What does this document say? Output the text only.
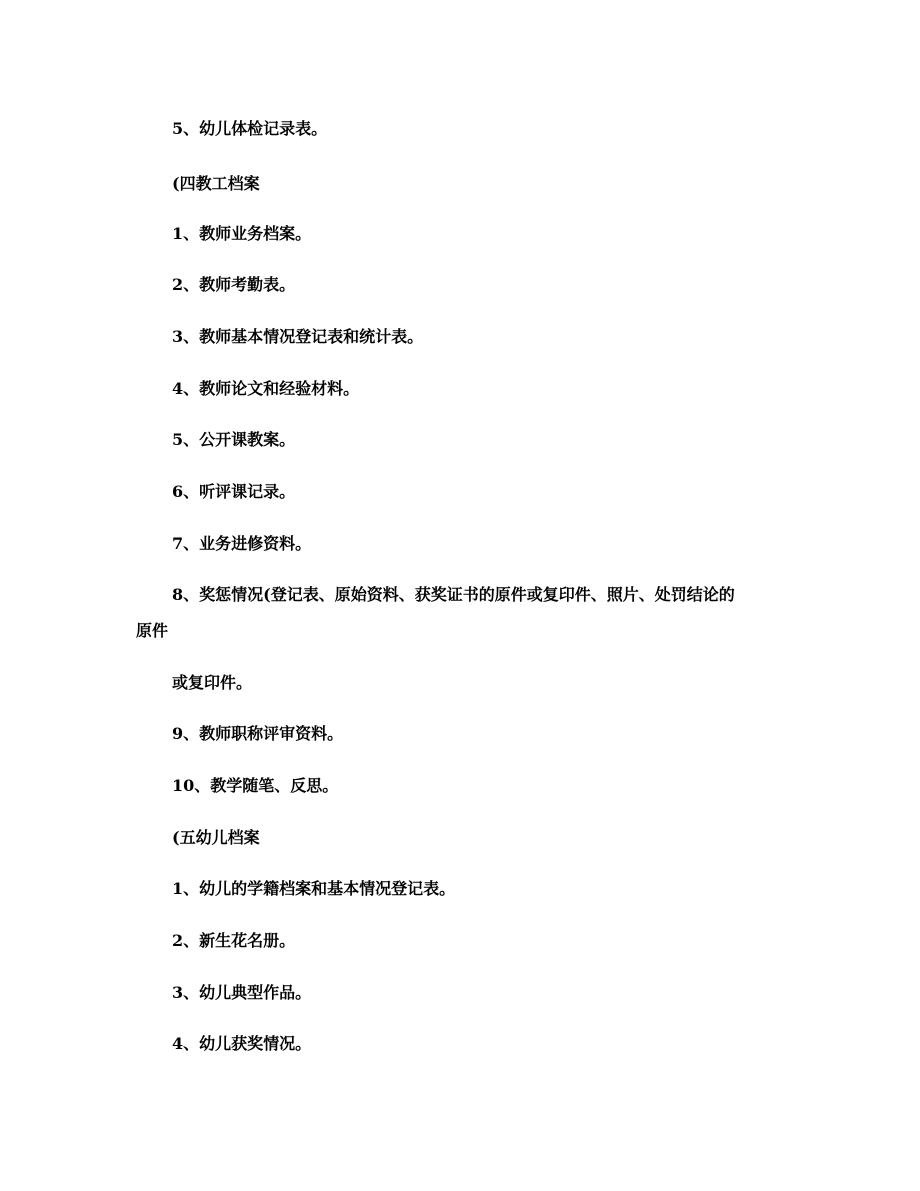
5、幼儿体检记录表。
(四教工档案
1、教师业务档案。
2、教师考勤表。
3、教师基本情况登记表和统计表。
4、教师论文和经验材料。
5、公开课教案。
6、听评课记录。
7、业务进修资料。
8、奖惩情况(登记表、原始资料、获奖证书的原件或复印件、照片、处罚结论的
原件
或复印件。
9、教师职称评审资料。
10、教学随笔、反思。
(五幼儿档案
1、幼儿的学籍档案和基本情况登记表。
2、新生花名册。
3、幼儿典型作品。
4、幼儿获奖情况。
